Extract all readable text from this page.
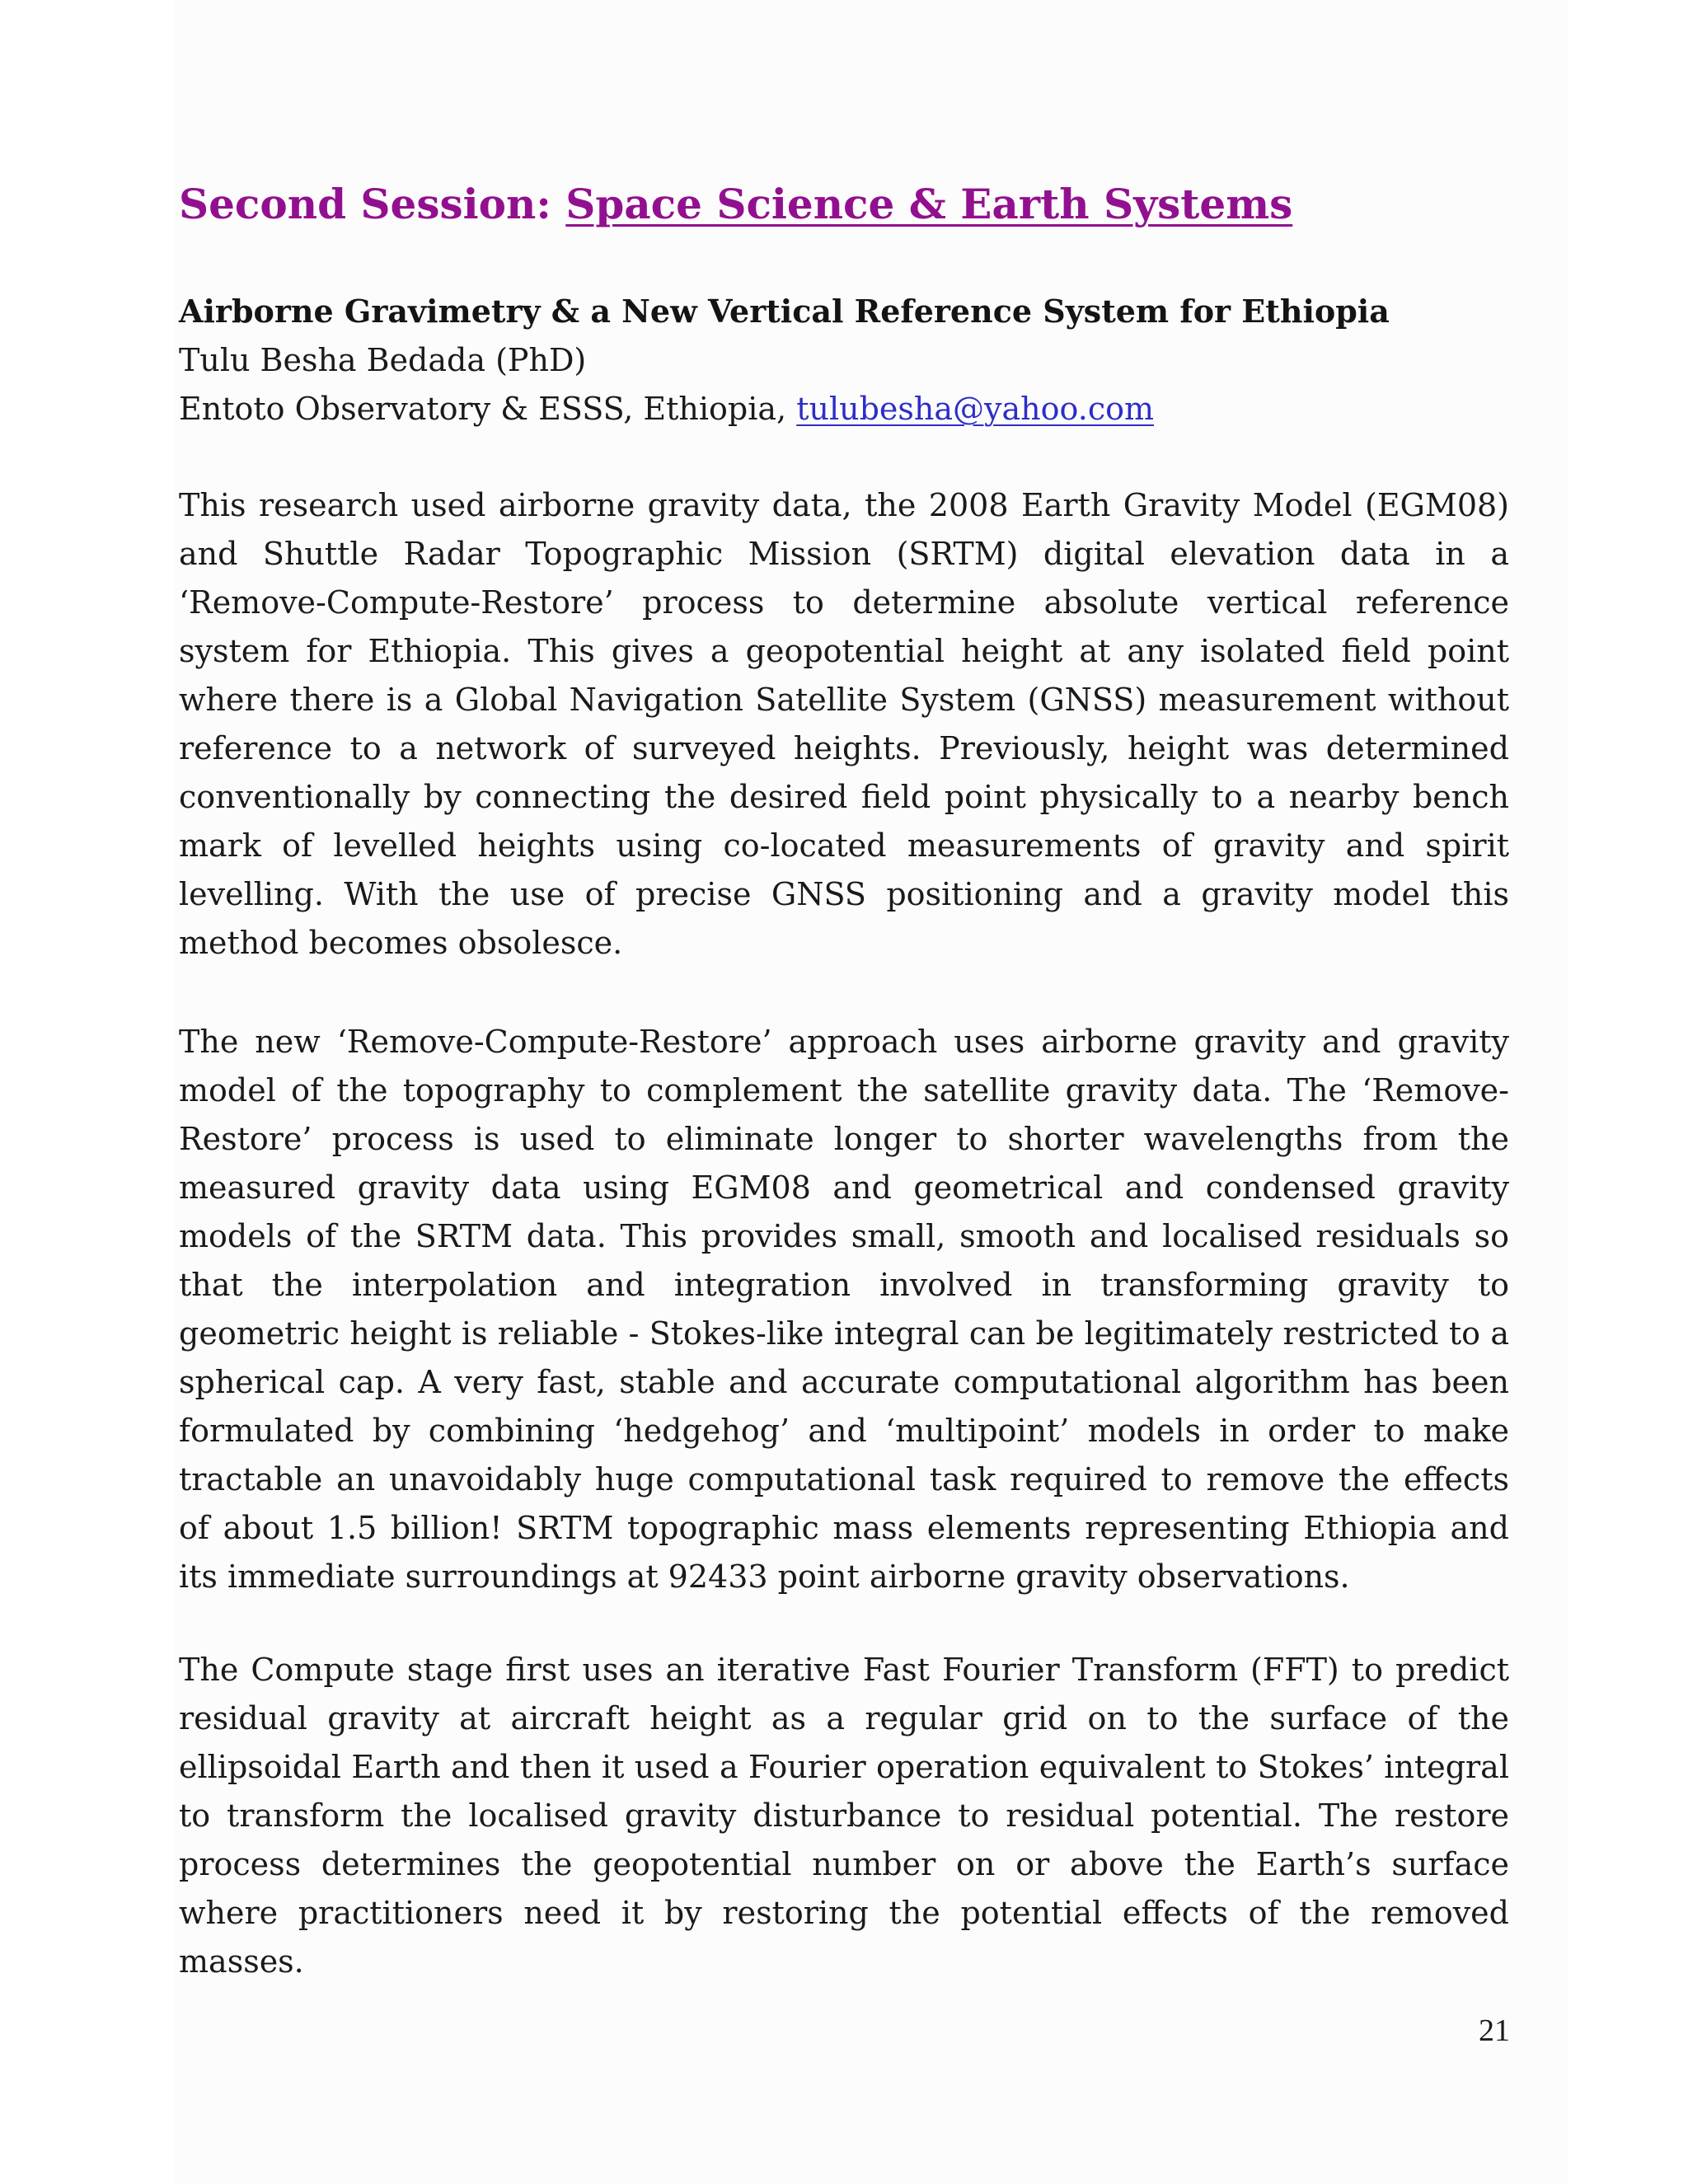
Second Session: Space Science & Earth Systems
Airborne Gravimetry & a New Vertical Reference System for Ethiopia
Tulu Besha Bedada (PhD)
Entoto Observatory & ESSS, Ethiopia, tulubesha@yahoo.com

This research used airborne gravity data, the 2008 Earth Gravity Model (EGM08) and Shuttle Radar Topographic Mission (SRTM) digital elevation data in a ‘Remove-Compute-Restore’ process to determine absolute vertical reference system for Ethiopia. This gives a geopotential height at any isolated field point where there is a Global Navigation Satellite System (GNSS) measurement without reference to a network of surveyed heights. Previously, height was determined conventionally by connecting the desired field point physically to a nearby bench mark of levelled heights using co-located measurements of gravity and spirit levelling. With the use of precise GNSS positioning and a gravity model this method becomes obsolesce.

The new ‘Remove-Compute-Restore’ approach uses airborne gravity and gravity model of the topography to complement the satellite gravity data. The ‘Remove-Restore’ process is used to eliminate longer to shorter wavelengths from the measured gravity data using EGM08 and geometrical and condensed gravity models of the SRTM data. This provides small, smooth and localised residuals so that the interpolation and integration involved in transforming gravity to geometric height is reliable - Stokes-like integral can be legitimately restricted to a spherical cap. A very fast, stable and accurate computational algorithm has been formulated by combining ‘hedgehog’ and ‘multipoint’ models in order to make tractable an unavoidably huge computational task required to remove the effects of about 1.5 billion! SRTM topographic mass elements representing Ethiopia and its immediate surroundings at 92433 point airborne gravity observations.

The Compute stage first uses an iterative Fast Fourier Transform (FFT) to predict residual gravity at aircraft height as a regular grid on to the surface of the ellipsoidal Earth and then it used a Fourier operation equivalent to Stokes’ integral to transform the localised gravity disturbance to residual potential. The restore process determines the geopotential number on or above the Earth’s surface where practitioners need it by restoring the potential effects of the removed masses.

21
